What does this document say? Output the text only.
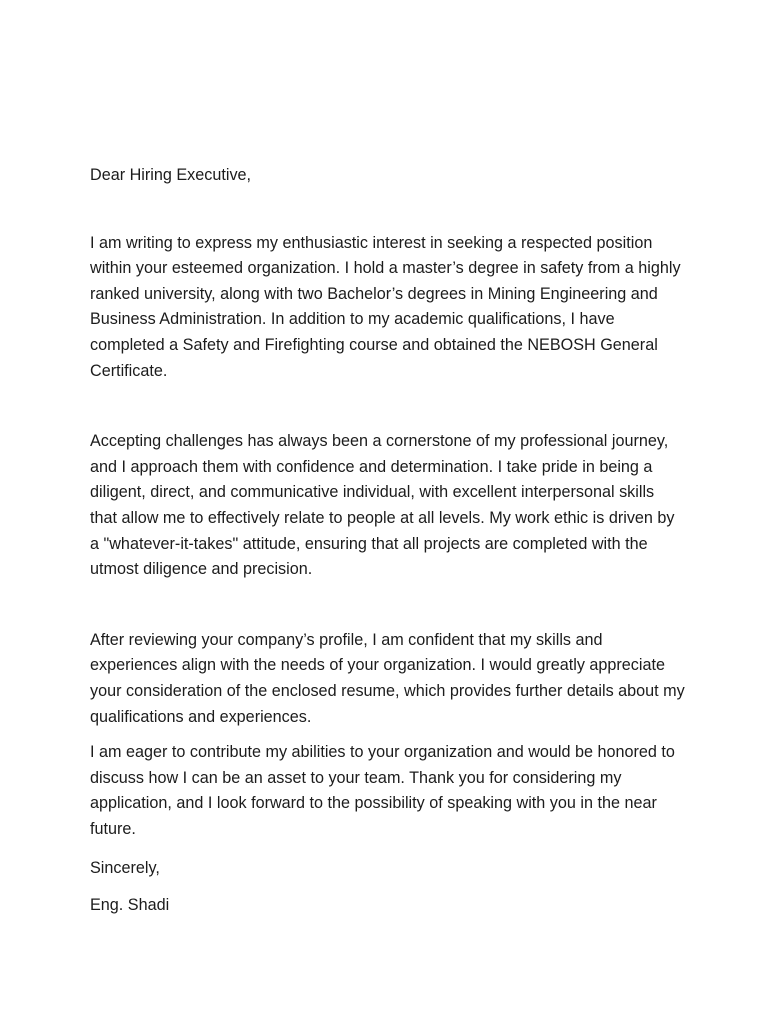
Dear Hiring Executive,

I am writing to express my enthusiastic interest in seeking a respected position within your esteemed organization. I hold a master’s degree in safety from a highly ranked university, along with two Bachelor’s degrees in Mining Engineering and Business Administration. In addition to my academic qualifications, I have completed a Safety and Firefighting course and obtained the NEBOSH General Certificate.

Accepting challenges has always been a cornerstone of my professional journey, and I approach them with confidence and determination. I take pride in being a diligent, direct, and communicative individual, with excellent interpersonal skills that allow me to effectively relate to people at all levels. My work ethic is driven by a "whatever-it-takes" attitude, ensuring that all projects are completed with the utmost diligence and precision.

After reviewing your company’s profile, I am confident that my skills and experiences align with the needs of your organization. I would greatly appreciate your consideration of the enclosed resume, which provides further details about my qualifications and experiences.

I am eager to contribute my abilities to your organization and would be honored to discuss how I can be an asset to your team. Thank you for considering my application, and I look forward to the possibility of speaking with you in the near future.

Sincerely,

Eng. Shadi
